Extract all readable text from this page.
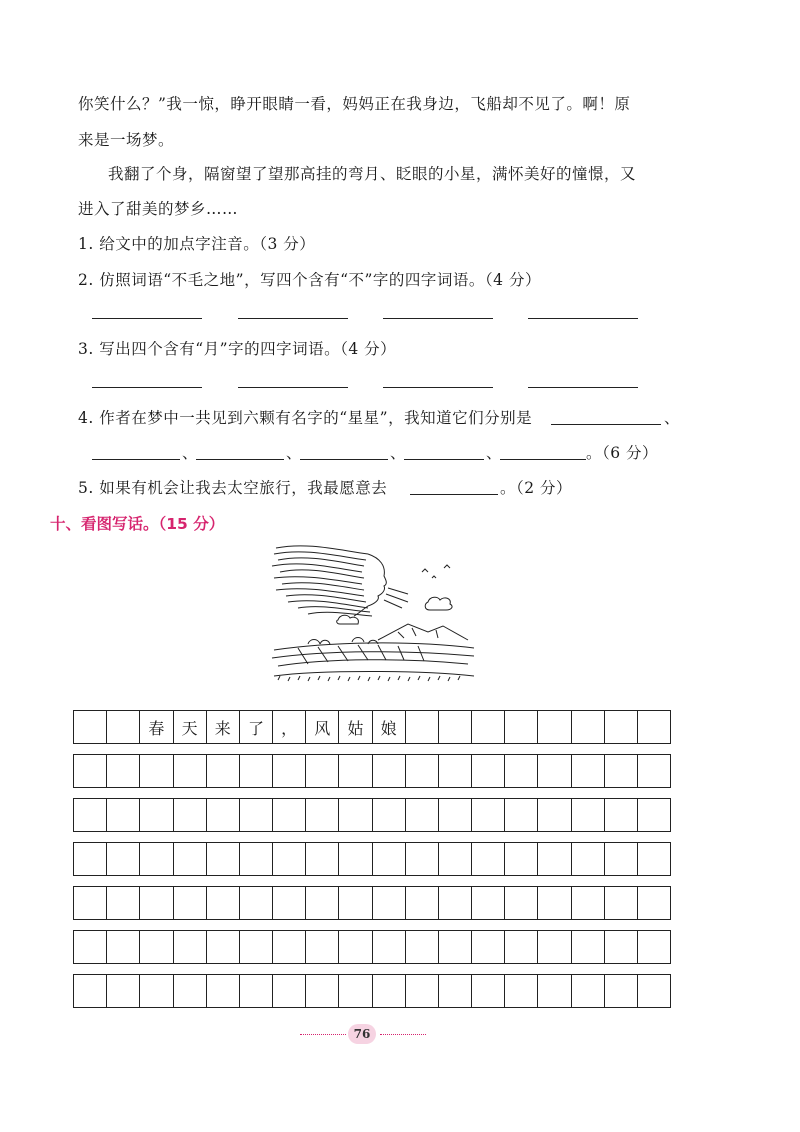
你笑什么？”我一惊，睁开眼睛一看，妈妈正在我身边，飞船却不见了。啊！原
来是一场梦。
我翻了个身，隔窗望了望那高挂的弯月、眨眼的小星，满怀美好的憧憬，又
进入了甜美的梦乡……
1. 给文中的加点字注音。（3 分）
2. 仿照词语“不毛之地”，写四个含有“不”字的四字词语。（4 分）
3. 写出四个含有“月”字的四字词语。（4 分）
4. 作者在梦中一共见到六颗有名字的“星星”，我知道它们分别是	、
、	、	、	、	。（6 分）
5. 如果有机会让我去太空旅行，我最愿意去	。（2 分）
十、看图写话。（15 分）
春	天	来	了	，	风	姑	娘
76
